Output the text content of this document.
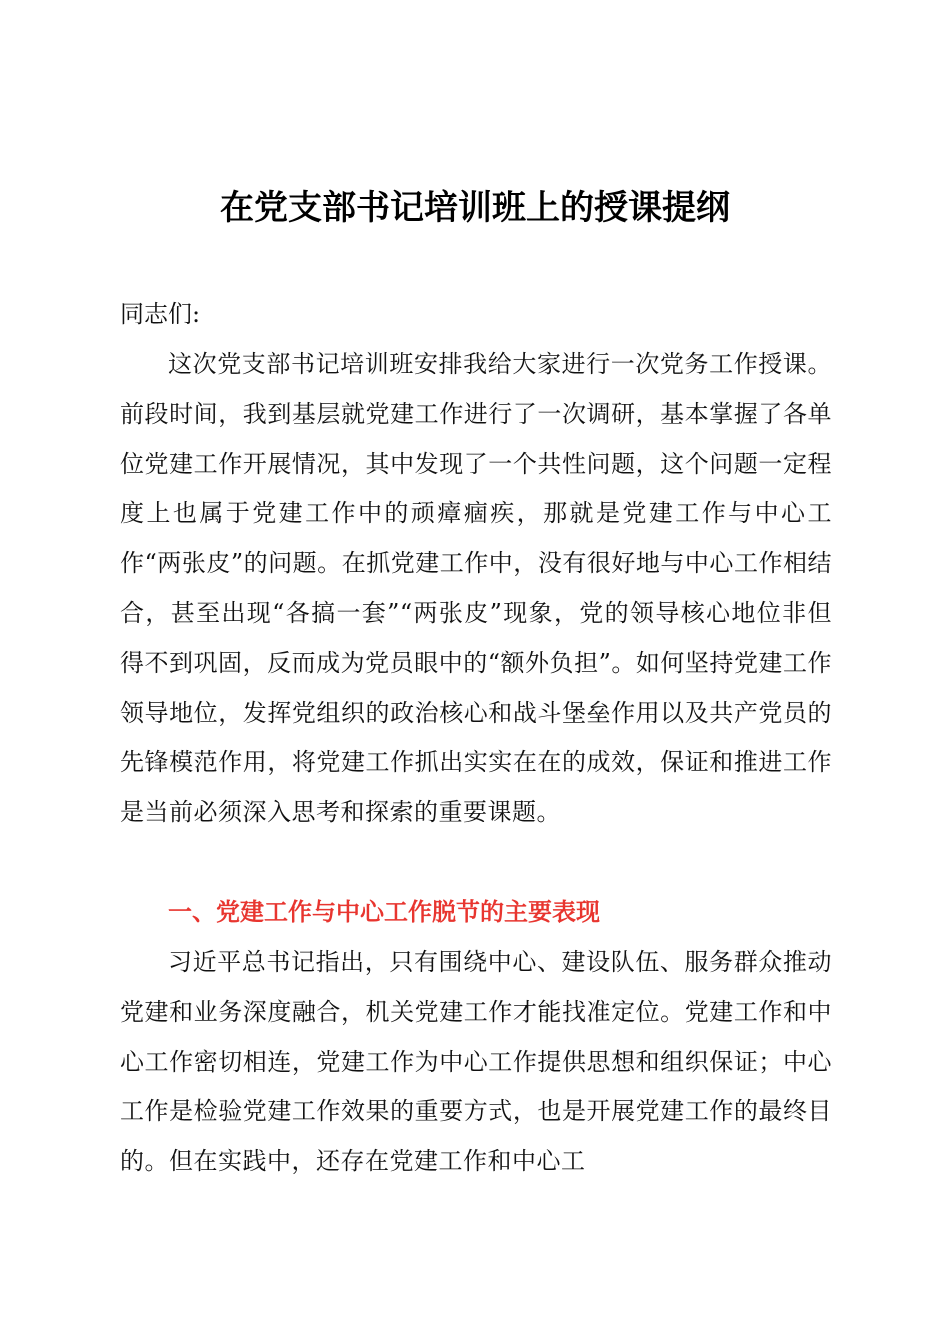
在党支部书记培训班上的授课提纲

同志们:

这次党支部书记培训班安排我给大家进行一次党务工作授课。前段时间，我到基层就党建工作进行了一次调研，基本掌握了各单位党建工作开展情况，其中发现了一个共性问题，这个问题一定程度上也属于党建工作中的顽瘴痼疾，那就是党建工作与中心工作“两张皮”的问题。在抓党建工作中，没有很好地与中心工作相结合，甚至出现“各搞一套”“两张皮”现象，党的领导核心地位非但得不到巩固，反而成为党员眼中的“额外负担”。如何坚持党建工作领导地位，发挥党组织的政治核心和战斗堡垒作用以及共产党员的先锋模范作用，将党建工作抓出实实在在的成效，保证和推进工作是当前必须深入思考和探索的重要课题。

一、党建工作与中心工作脱节的主要表现

习近平总书记指出，只有围绕中心、建设队伍、服务群众推动党建和业务深度融合，机关党建工作才能找准定位。党建工作和中心工作密切相连，党建工作为中心工作提供思想和组织保证；中心工作是检验党建工作效果的重要方式，也是开展党建工作的最终目的。但在实践中，还存在党建工作和中心工
